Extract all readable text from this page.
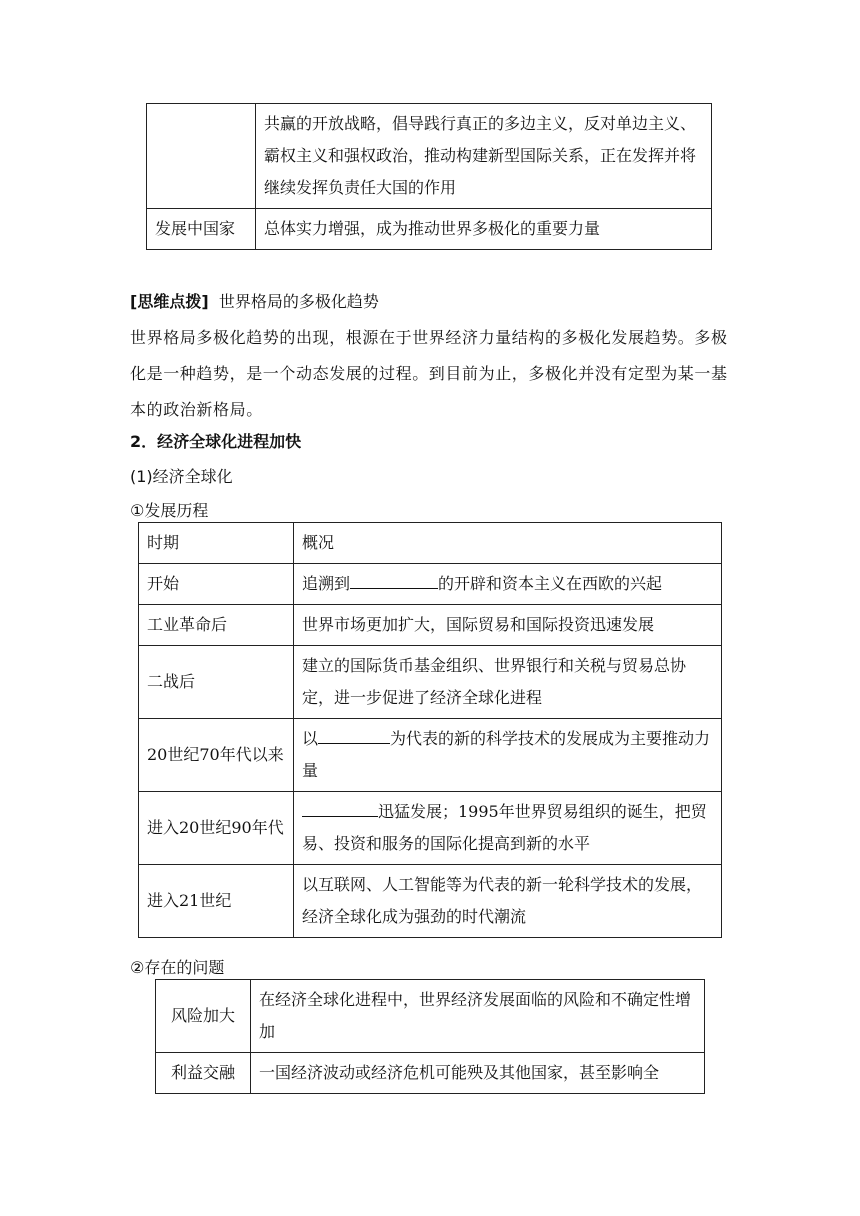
	共赢的开放战略，倡导践行真正的多边主义，反对单边主义、霸权主义和强权政治，推动构建新型国际关系，正在发挥并将继续发挥负责任大国的作用
发展中国家	总体实力增强，成为推动世界多极化的重要力量
[思维点拨] 世界格局的多极化趋势
世界格局多极化趋势的出现，根源在于世界经济力量结构的多极化发展趋势。多极化是一种趋势，是一个动态发展的过程。到目前为止，多极化并没有定型为某一基本的政治新格局。
2．经济全球化进程加快
(1)经济全球化
①发展历程
时期	概况
开始	追溯到 的开辟和资本主义在西欧的兴起
工业革命后	世界市场更加扩大，国际贸易和国际投资迅速发展
二战后	建立的国际货币基金组织、世界银行和关税与贸易总协定，进一步促进了经济全球化进程
20世纪70年代以来	以 为代表的新的科学技术的发展成为主要推动力量
进入20世纪90年代	迅猛发展；1995年世界贸易组织的诞生，把贸易、投资和服务的国际化提高到新的水平
进入21世纪	以互联网、人工智能等为代表的新一轮科学技术的发展，经济全球化成为强劲的时代潮流
②存在的问题
风险加大	在经济全球化进程中，世界经济发展面临的风险和不确定性增加
利益交融	一国经济波动或经济危机可能殃及其他国家，甚至影响全
